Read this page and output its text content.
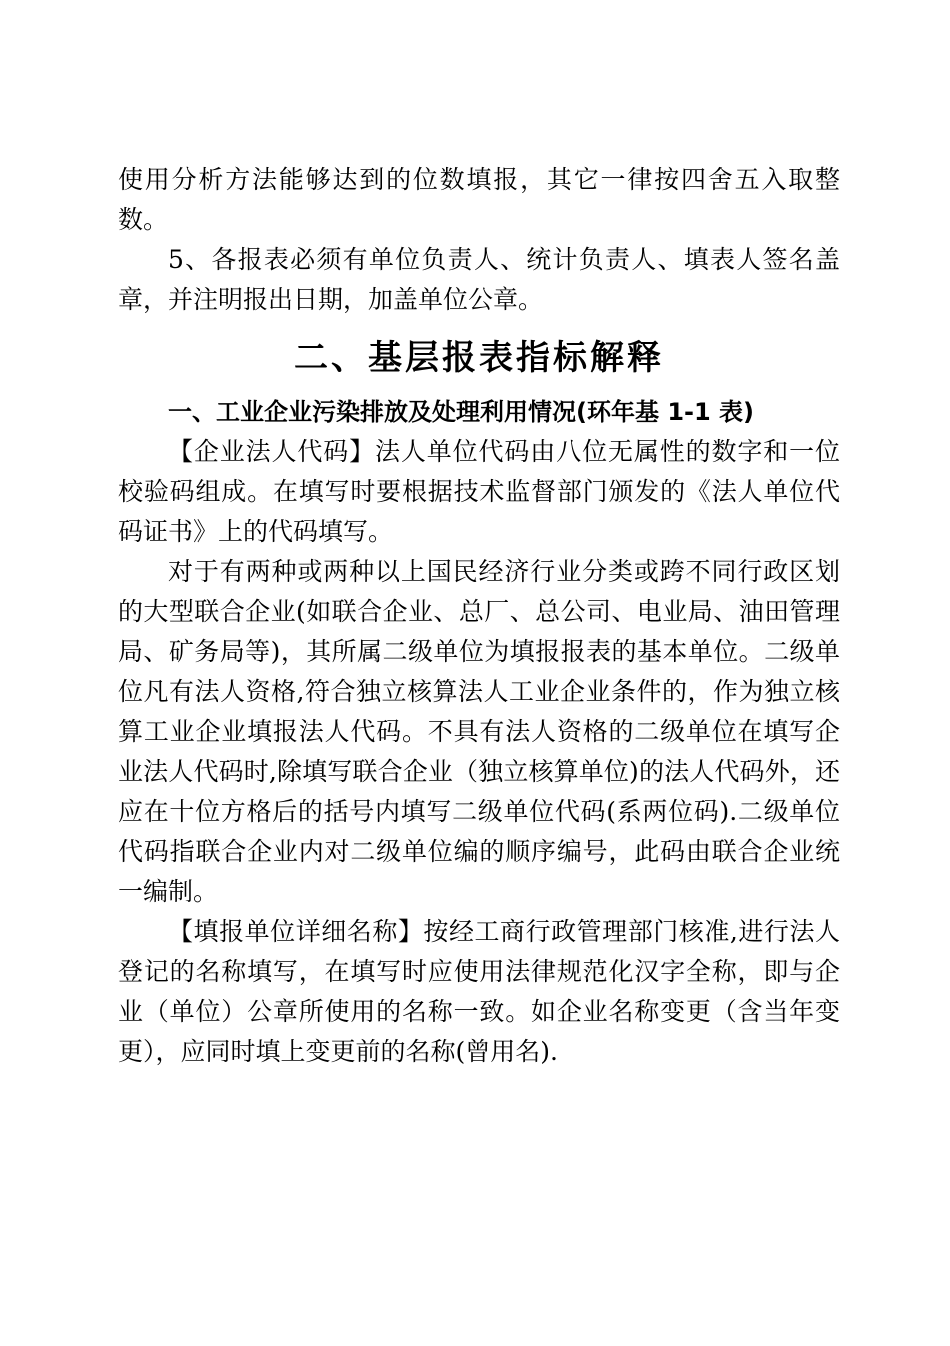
使用分析方法能够达到的位数填报，其它一律按四舍五入取整数。

5、各报表必须有单位负责人、统计负责人、填表人签名盖章，并注明报出日期，加盖单位公章。

二、基层报表指标解释

一、工业企业污染排放及处理利用情况(环年基 1-1 表)

【企业法人代码】法人单位代码由八位无属性的数字和一位校验码组成。在填写时要根据技术监督部门颁发的《法人单位代码证书》上的代码填写。

对于有两种或两种以上国民经济行业分类或跨不同行政区划的大型联合企业(如联合企业、总厂、总公司、电业局、油田管理局、矿务局等)，其所属二级单位为填报报表的基本单位。二级单位凡有法人资格,符合独立核算法人工业企业条件的，作为独立核算工业企业填报法人代码。不具有法人资格的二级单位在填写企业法人代码时,除填写联合企业（独立核算单位)的法人代码外，还应在十位方格后的括号内填写二级单位代码(系两位码).二级单位代码指联合企业内对二级单位编的顺序编号，此码由联合企业统一编制。

【填报单位详细名称】按经工商行政管理部门核准,进行法人登记的名称填写，在填写时应使用法律规范化汉字全称，即与企业（单位）公章所使用的名称一致。如企业名称变更（含当年变更），应同时填上变更前的名称(曾用名).
